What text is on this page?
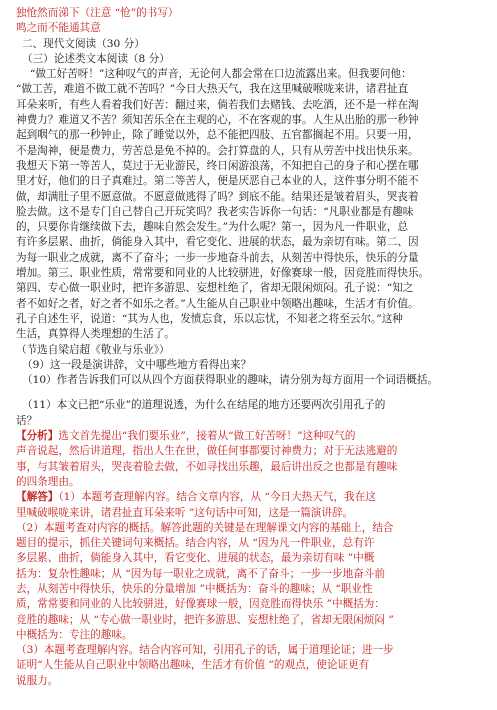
独怆然而涕下（注意 “怆”的书写）
鸣之而不能通其意
二、现代文阅读（30 分）
（三）论述类文本阅读（8 分）
“做工好苦呀！”这种叹气的声音，无论何人都会常在口边流露出来。但我要问他：
“做工苦，难道不做工就不苦吗？”今日大热天气，我在这里喊破喉咙来讲，诸君扯直
耳朵来听，有些人看着我们好苦：翻过来，倘若我们去赌钱、去吃酒，还不是一样在淘
神费力？难道又不苦？须知苦乐全在主观的心，不在客观的事。人生从出胎的那一秒钟
起到咽气的那一秒钟止，除了睡觉以外，总不能把四肢、五官都搁起不用。只要一用，
不是淘神，便是费力，劳苦总是免不掉的。会打算盘的人，只有从劳苦中找出快乐来。
我想天下第一等苦人，莫过于无业游民，终日闲游浪荡，不知把自己的身子和心摆在哪
里才好，他们的日子真难过。第二等苦人，便是厌恶自己本业的人，这件事分明不能不
做，却满肚子里不愿意做。不愿意做逃得了吗？到底不能。结果还是皱着眉头，哭丧着
脸去做。这不是专门自己替自己开玩笑吗？我老实告诉你一句话：“凡职业都是有趣味
的，只要你肯继续做下去，趣味自然会发生。”为什么呢？第一，因为凡一件职业，总
有许多层累、曲折，倘能身入其中，看它变化、进展的状态，最为亲切有味。第二、因
为每一职业之成就，离不了奋斗；一步一步地奋斗前去，从刻苦中得快乐，快乐的分量
增加。第三、职业性质，常常要和同业的人比较骈进，好像赛球一般，因竞胜而得快乐。
第四、专心做一职业时，把许多游思、妄想杜绝了，省却无限闲烦闷。孔子说：“知之
者不如好之者，好之者不如乐之者。”人生能从自己职业中领略出趣味，生活才有价值。
孔子自述生平，说道：“其为人也，发愤忘食，乐以忘忧，不知老之将至云尔。”这种
生活，真算得人类理想的生活了。
（节选自梁启超《敬业与乐业》）
（9）这一段是演讲辞，文中哪些地方看得出来？
（10）作者告诉我们可以从四个方面获得职业的趣味，请分别为每方面用一个词语概括。
（11）本文已把“乐业”的道理说透，为什么在结尾的地方还要两次引用孔子的
话？
【分析】选文首先提出“我们要乐业”，接着从“做工好苦呀！”这种叹气的
声音说起，然后讲道理，指出人生在世，做任何事都要讨神费力；对于无法逃避的
事，与其皱着眉头，哭丧着脸去做，不如寻找出乐趣，最后讲出反之也都是有趣味
的四条理由。
【解答】（1）本题考查理解内容。结合文章内容，从 “今日大热天气，我在这
里喊破喉咙来讲，诸君扯直耳朵来听 ”这句话中可知，这是一篇演讲辞。
（2）本题考查对内容的概括。解答此题的关键是在理解课文内容的基础上，结合
题目的提示，抓住关键词句来概括。结合内容，从 “因为凡一件职业，总有许
多层累、曲折，倘能身入其中，看它变化、进展的状态，最为亲切有味 ”中概
括为：复杂性趣味；从 “因为每一职业之成就，离不了奋斗；一步一步地奋斗前
去，从刻苦中得快乐，快乐的分量增加 ”中概括为：奋斗的趣味；从 “职业性
质，常常要和同业的人比较骈进，好像赛球一般，因竞胜而得快乐 ”中概括为：
竞胜的趣味；从 “专心做一职业时，把许多游思、妄想杜绝了，省却无限闲烦闷 ”
中概括为：专注的趣味。
（3）本题考查理解内容。结合内容可知，引用孔子的话，属于道理论证；进一步
证明“人生能从自己职业中领略出趣味，生活才有价值 ”的观点，使论证更有
说服力。
